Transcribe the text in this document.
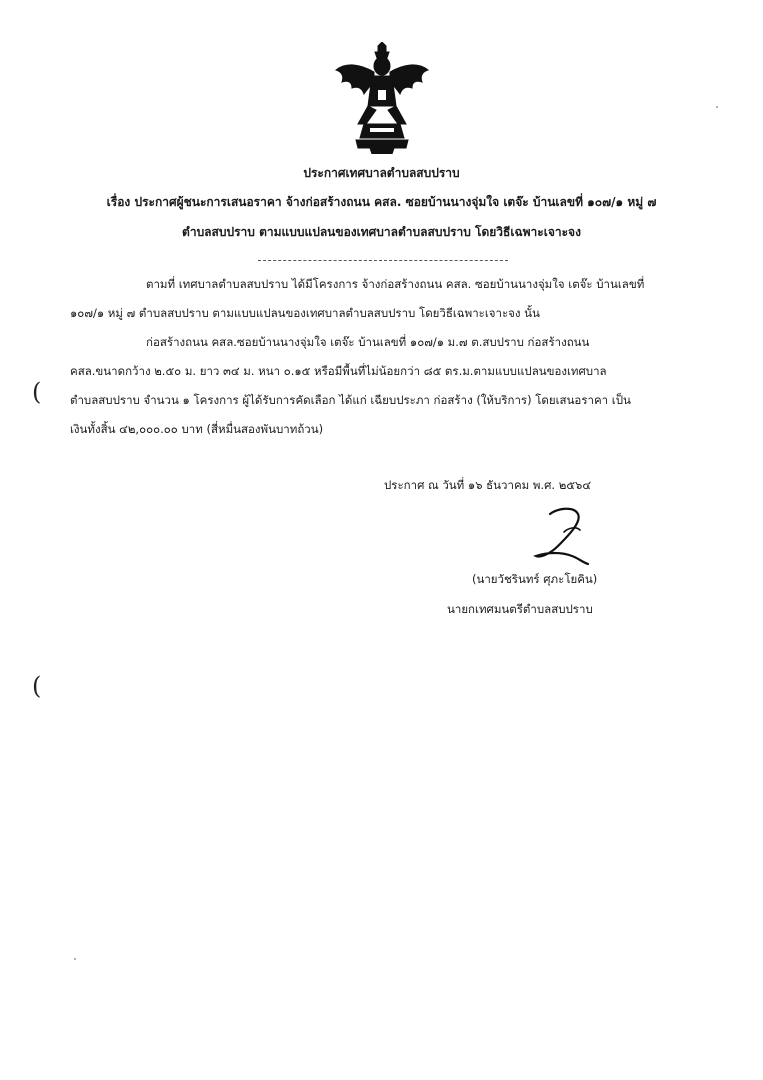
ประกาศเทศบาลตำบลสบปราบ
เรื่อง ประกาศผู้ชนะการเสนอราคา จ้างก่อสร้างถนน คสล. ซอยบ้านนางจุ่มใจ เตจ๊ะ บ้านเลขที่ ๑๐๗/๑ หมู่ ๗
ตำบลสบปราบ ตามแบบแปลนของเทศบาลตำบลสบปราบ โดยวิธีเฉพาะเจาะจง
ตามที่ เทศบาลตำบลสบปราบ ได้มีโครงการ จ้างก่อสร้างถนน คสล. ซอยบ้านนางจุ่มใจ เตจ๊ะ บ้านเลขที่
๑๐๗/๑ หมู่ ๗ ตำบลสบปราบ ตามแบบแปลนของเทศบาลตำบลสบปราบ โดยวิธีเฉพาะเจาะจง นั้น
ก่อสร้างถนน คสล.ซอยบ้านนางจุ่มใจ เตจ๊ะ บ้านเลขที่ ๑๐๗/๑ ม.๗ ต.สบปราบ ก่อสร้างถนน
คสล.ขนาดกว้าง ๒.๕๐ ม. ยาว ๓๔ ม. หนา ๐.๑๕ หรือมีพื้นที่ไม่น้อยกว่า ๘๕ ตร.ม.ตามแบบแปลนของเทศบาล
ตำบลสบปราบ จำนวน ๑ โครงการ ผู้ได้รับการคัดเลือก ได้แก่ เฉียบประภา ก่อสร้าง (ให้บริการ) โดยเสนอราคา เป็น
เงินทั้งสิ้น ๔๒,๐๐๐.๐๐ บาท (สี่หมื่นสองพันบาทถ้วน)
ประกาศ ณ วันที่ ๑๖ ธันวาคม พ.ศ. ๒๕๖๔
(นายวัชรินทร์ ศุภะโยคิน)
นายกเทศมนตรีตำบลสบปราบ
(
(
